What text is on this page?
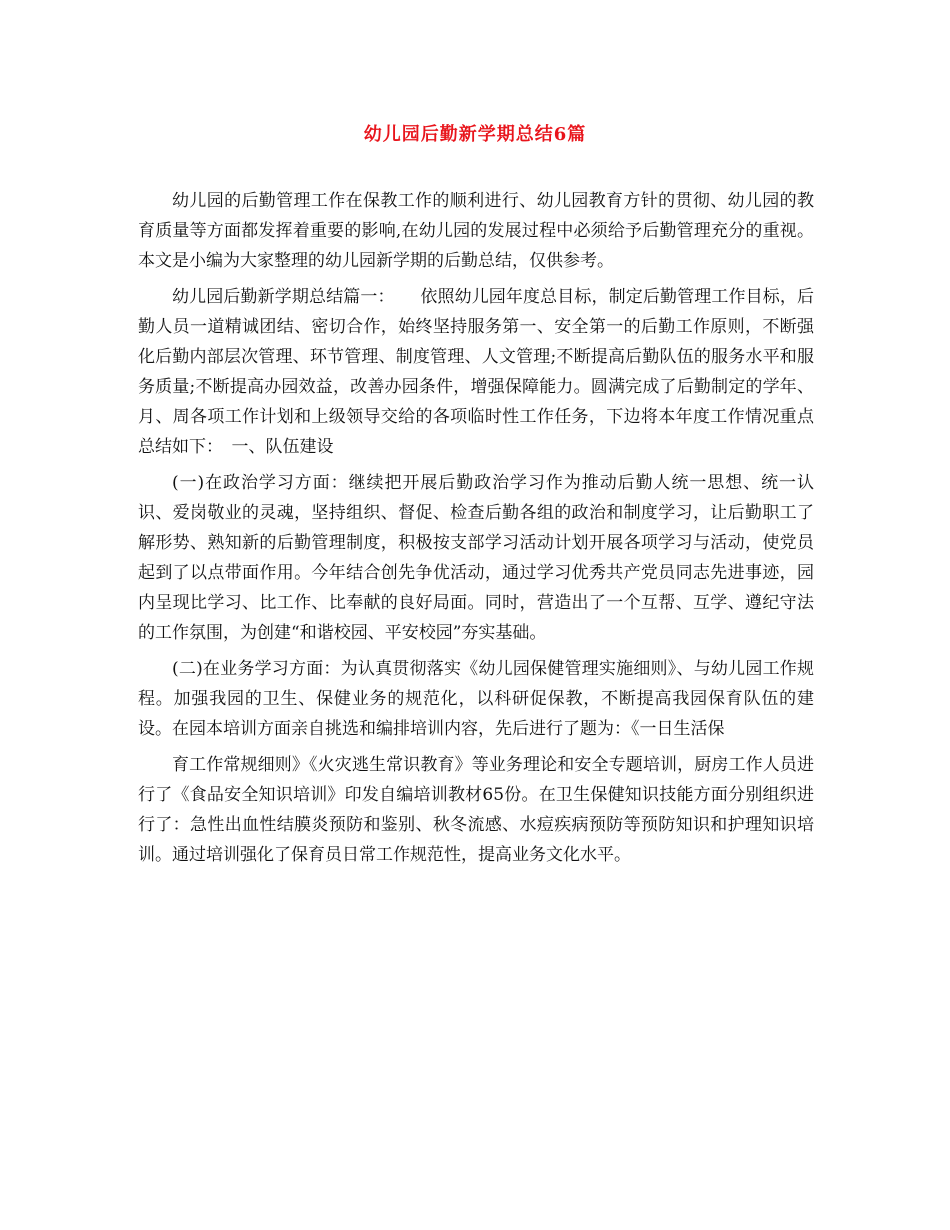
幼儿园后勤新学期总结6篇

幼儿园的后勤管理工作在保教工作的顺利进行、幼儿园教育方针的贯彻、幼儿园的教育质量等方面都发挥着重要的影响,在幼儿园的发展过程中必须给予后勤管理充分的重视。本文是小编为大家整理的幼儿园新学期的后勤总结，仅供参考。

幼儿园后勤新学期总结篇一：　　依照幼儿园年度总目标，制定后勤管理工作目标，后勤人员一道精诚团结、密切合作，始终坚持服务第一、安全第一的后勤工作原则，不断强化后勤内部层次管理、环节管理、制度管理、人文管理;不断提高后勤队伍的服务水平和服务质量;不断提高办园效益，改善办园条件，增强保障能力。圆满完成了后勤制定的学年、月、周各项工作计划和上级领导交给的各项临时性工作任务，下边将本年度工作情况重点总结如下：　一、队伍建设

(一)在政治学习方面：继续把开展后勤政治学习作为推动后勤人统一思想、统一认识、爱岗敬业的灵魂，坚持组织、督促、检查后勤各组的政治和制度学习，让后勤职工了解形势、熟知新的后勤管理制度，积极按支部学习活动计划开展各项学习与活动，使党员起到了以点带面作用。今年结合创先争优活动，通过学习优秀共产党员同志先进事迹，园内呈现比学习、比工作、比奉献的良好局面。同时，营造出了一个互帮、互学、遵纪守法的工作氛围，为创建“和谐校园、平安校园”夯实基础。

(二)在业务学习方面：为认真贯彻落实《幼儿园保健管理实施细则》、与幼儿园工作规程。加强我园的卫生、保健业务的规范化，以科研促保教，不断提高我园保育队伍的建设。在园本培训方面亲自挑选和编排培训内容，先后进行了题为：《一日生活保

育工作常规细则》《火灾逃生常识教育》等业务理论和安全专题培训，厨房工作人员进行了《食品安全知识培训》印发自编培训教材65份。在卫生保健知识技能方面分别组织进行了：急性出血性结膜炎预防和鉴别、秋冬流感、水痘疾病预防等预防知识和护理知识培训。通过培训强化了保育员日常工作规范性，提高业务文化水平。
